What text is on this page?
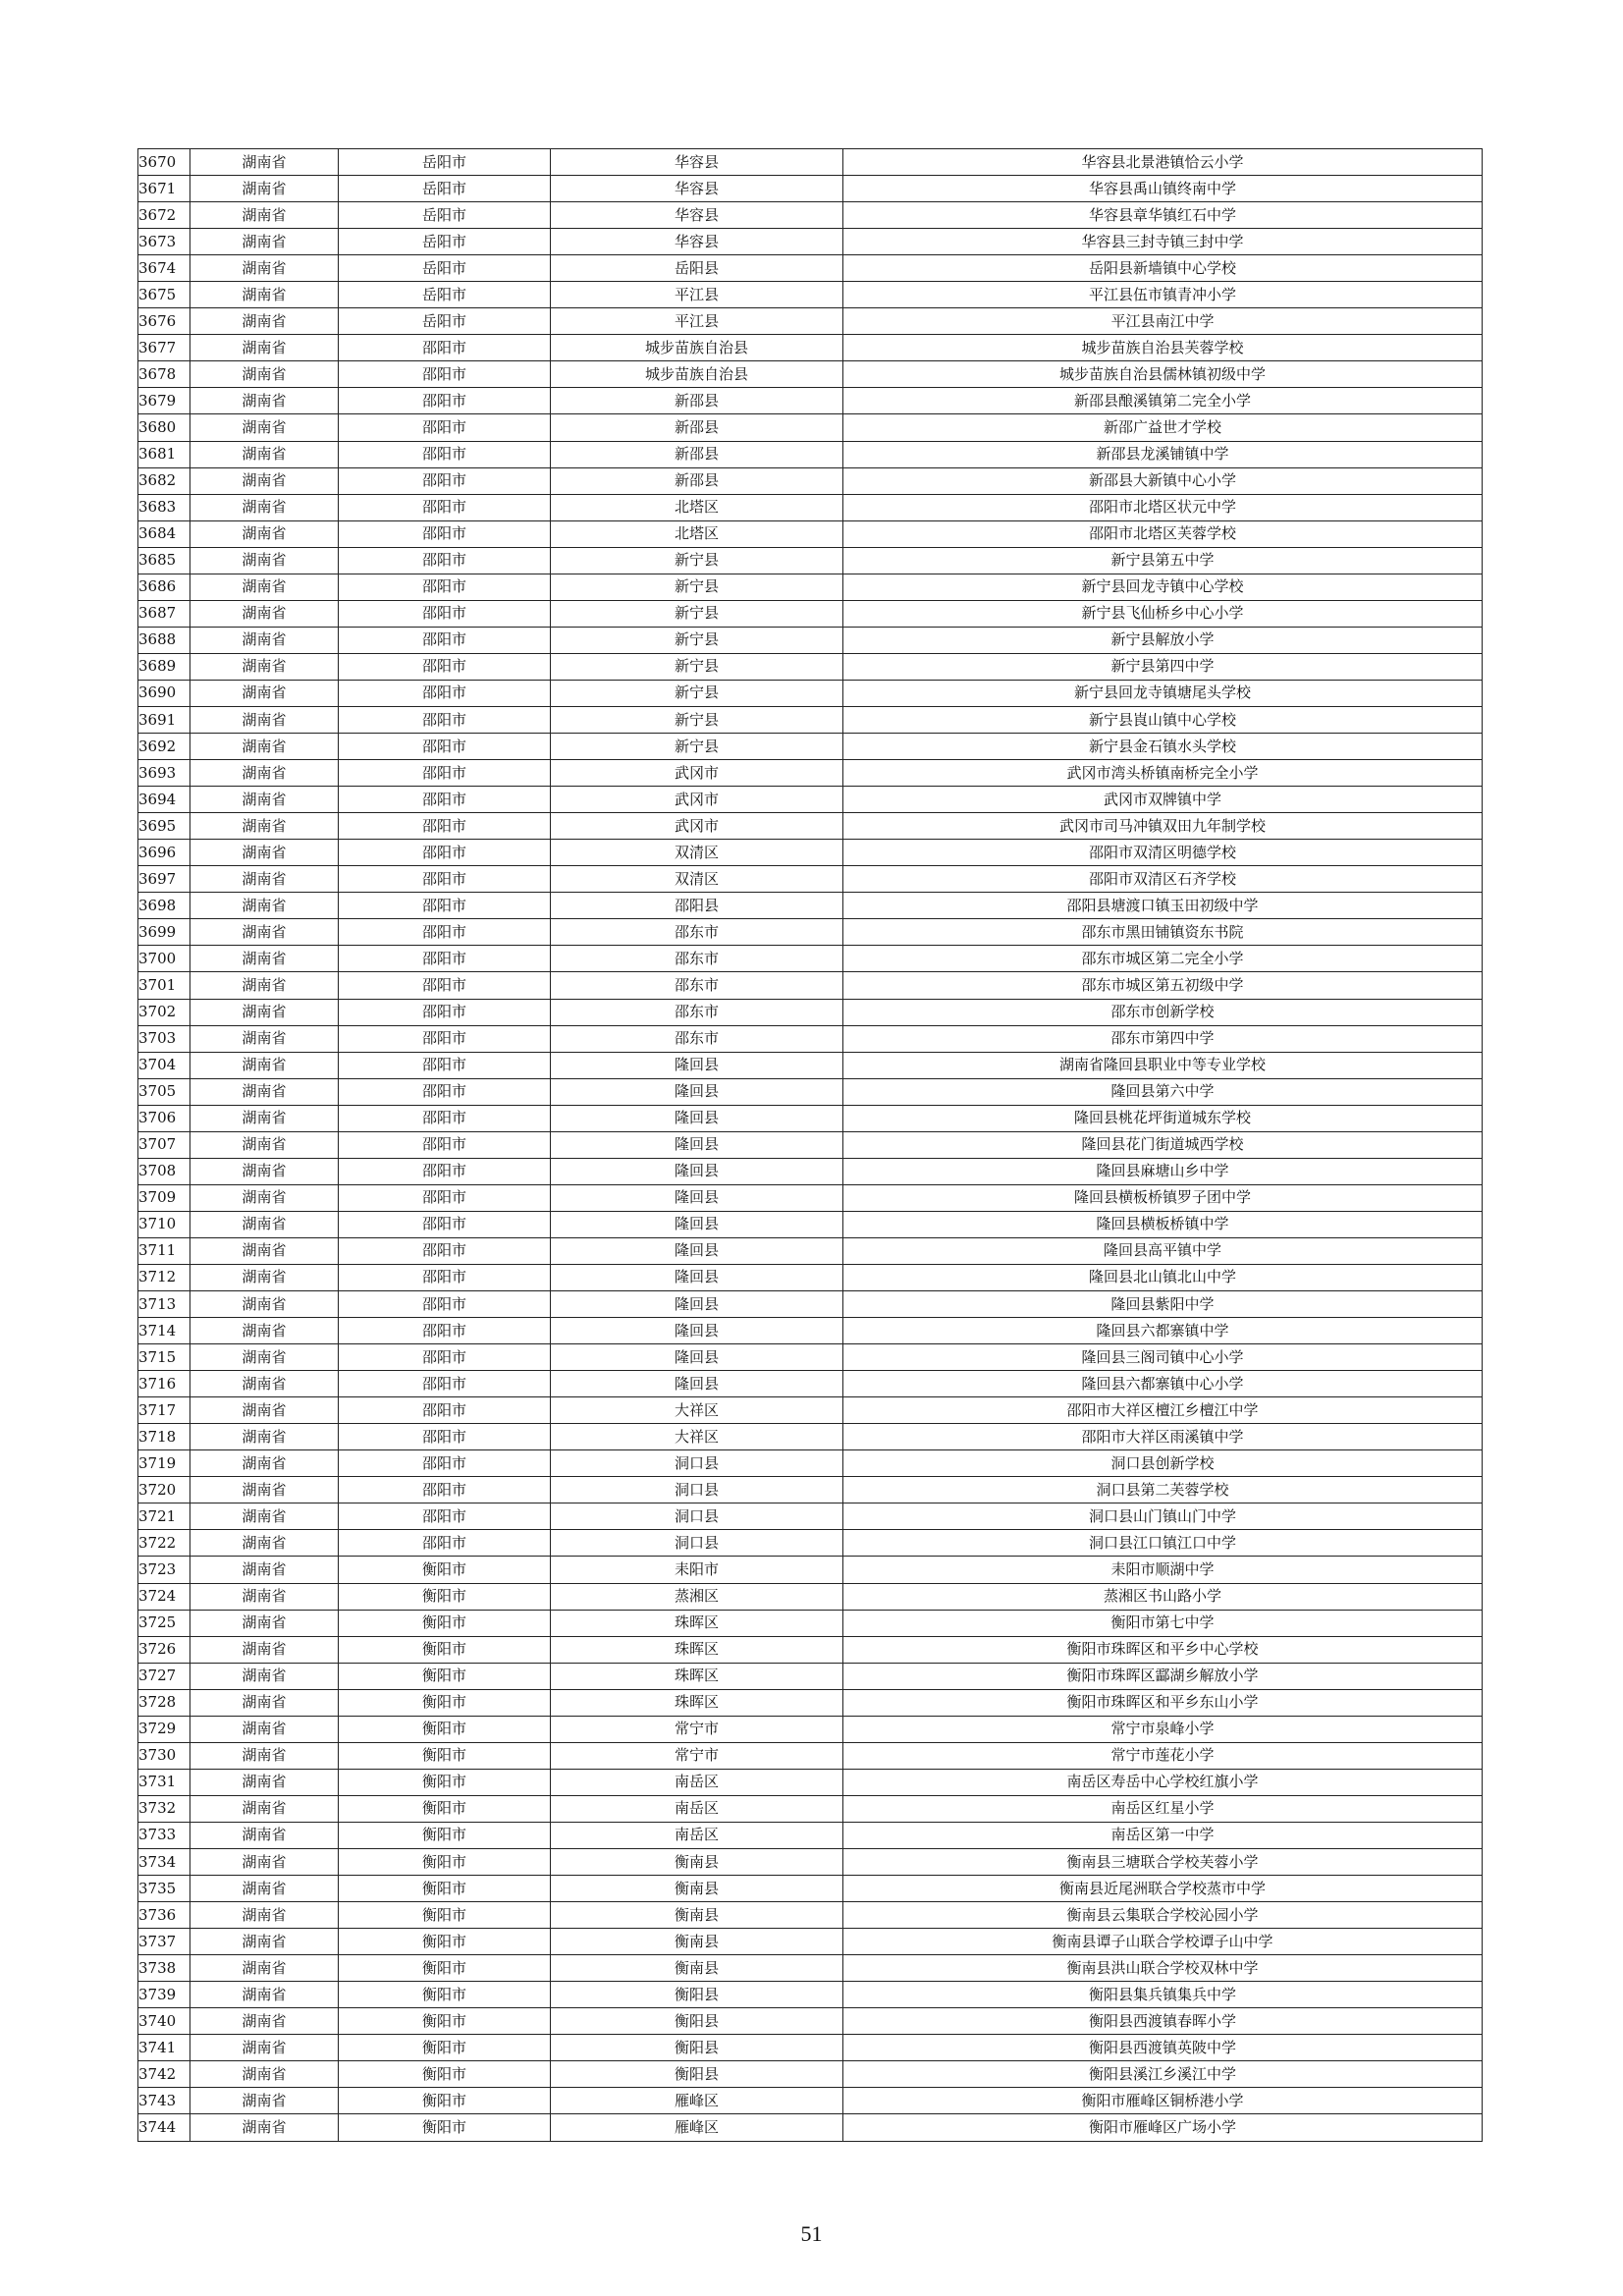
3670	湖南省	岳阳市	华容县	华容县北景港镇恰云小学
3671	湖南省	岳阳市	华容县	华容县禹山镇终南中学
3672	湖南省	岳阳市	华容县	华容县章华镇红石中学
3673	湖南省	岳阳市	华容县	华容县三封寺镇三封中学
3674	湖南省	岳阳市	岳阳县	岳阳县新墙镇中心学校
3675	湖南省	岳阳市	平江县	平江县伍市镇青冲小学
3676	湖南省	岳阳市	平江县	平江县南江中学
3677	湖南省	邵阳市	城步苗族自治县	城步苗族自治县芙蓉学校
3678	湖南省	邵阳市	城步苗族自治县	城步苗族自治县儒林镇初级中学
3679	湖南省	邵阳市	新邵县	新邵县酿溪镇第二完全小学
3680	湖南省	邵阳市	新邵县	新邵广益世才学校
3681	湖南省	邵阳市	新邵县	新邵县龙溪铺镇中学
3682	湖南省	邵阳市	新邵县	新邵县大新镇中心小学
3683	湖南省	邵阳市	北塔区	邵阳市北塔区状元中学
3684	湖南省	邵阳市	北塔区	邵阳市北塔区芙蓉学校
3685	湖南省	邵阳市	新宁县	新宁县第五中学
3686	湖南省	邵阳市	新宁县	新宁县回龙寺镇中心学校
3687	湖南省	邵阳市	新宁县	新宁县飞仙桥乡中心小学
3688	湖南省	邵阳市	新宁县	新宁县解放小学
3689	湖南省	邵阳市	新宁县	新宁县第四中学
3690	湖南省	邵阳市	新宁县	新宁县回龙寺镇塘尾头学校
3691	湖南省	邵阳市	新宁县	新宁县崀山镇中心学校
3692	湖南省	邵阳市	新宁县	新宁县金石镇水头学校
3693	湖南省	邵阳市	武冈市	武冈市湾头桥镇南桥完全小学
3694	湖南省	邵阳市	武冈市	武冈市双牌镇中学
3695	湖南省	邵阳市	武冈市	武冈市司马冲镇双田九年制学校
3696	湖南省	邵阳市	双清区	邵阳市双清区明德学校
3697	湖南省	邵阳市	双清区	邵阳市双清区石齐学校
3698	湖南省	邵阳市	邵阳县	邵阳县塘渡口镇玉田初级中学
3699	湖南省	邵阳市	邵东市	邵东市黑田铺镇资东书院
3700	湖南省	邵阳市	邵东市	邵东市城区第二完全小学
3701	湖南省	邵阳市	邵东市	邵东市城区第五初级中学
3702	湖南省	邵阳市	邵东市	邵东市创新学校
3703	湖南省	邵阳市	邵东市	邵东市第四中学
3704	湖南省	邵阳市	隆回县	湖南省隆回县职业中等专业学校
3705	湖南省	邵阳市	隆回县	隆回县第六中学
3706	湖南省	邵阳市	隆回县	隆回县桃花坪街道城东学校
3707	湖南省	邵阳市	隆回县	隆回县花门街道城西学校
3708	湖南省	邵阳市	隆回县	隆回县麻塘山乡中学
3709	湖南省	邵阳市	隆回县	隆回县横板桥镇罗子团中学
3710	湖南省	邵阳市	隆回县	隆回县横板桥镇中学
3711	湖南省	邵阳市	隆回县	隆回县高平镇中学
3712	湖南省	邵阳市	隆回县	隆回县北山镇北山中学
3713	湖南省	邵阳市	隆回县	隆回县紫阳中学
3714	湖南省	邵阳市	隆回县	隆回县六都寨镇中学
3715	湖南省	邵阳市	隆回县	隆回县三阁司镇中心小学
3716	湖南省	邵阳市	隆回县	隆回县六都寨镇中心小学
3717	湖南省	邵阳市	大祥区	邵阳市大祥区檀江乡檀江中学
3718	湖南省	邵阳市	大祥区	邵阳市大祥区雨溪镇中学
3719	湖南省	邵阳市	洞口县	洞口县创新学校
3720	湖南省	邵阳市	洞口县	洞口县第二芙蓉学校
3721	湖南省	邵阳市	洞口县	洞口县山门镇山门中学
3722	湖南省	邵阳市	洞口县	洞口县江口镇江口中学
3723	湖南省	衡阳市	耒阳市	耒阳市顺湖中学
3724	湖南省	衡阳市	蒸湘区	蒸湘区书山路小学
3725	湖南省	衡阳市	珠晖区	衡阳市第七中学
3726	湖南省	衡阳市	珠晖区	衡阳市珠晖区和平乡中心学校
3727	湖南省	衡阳市	珠晖区	衡阳市珠晖区酃湖乡解放小学
3728	湖南省	衡阳市	珠晖区	衡阳市珠晖区和平乡东山小学
3729	湖南省	衡阳市	常宁市	常宁市泉峰小学
3730	湖南省	衡阳市	常宁市	常宁市莲花小学
3731	湖南省	衡阳市	南岳区	南岳区寿岳中心学校红旗小学
3732	湖南省	衡阳市	南岳区	南岳区红星小学
3733	湖南省	衡阳市	南岳区	南岳区第一中学
3734	湖南省	衡阳市	衡南县	衡南县三塘联合学校芙蓉小学
3735	湖南省	衡阳市	衡南县	衡南县近尾洲联合学校蒸市中学
3736	湖南省	衡阳市	衡南县	衡南县云集联合学校沁园小学
3737	湖南省	衡阳市	衡南县	衡南县谭子山联合学校谭子山中学
3738	湖南省	衡阳市	衡南县	衡南县洪山联合学校双林中学
3739	湖南省	衡阳市	衡阳县	衡阳县集兵镇集兵中学
3740	湖南省	衡阳市	衡阳县	衡阳县西渡镇春晖小学
3741	湖南省	衡阳市	衡阳县	衡阳县西渡镇英陂中学
3742	湖南省	衡阳市	衡阳县	衡阳县溪江乡溪江中学
3743	湖南省	衡阳市	雁峰区	衡阳市雁峰区铜桥港小学
3744	湖南省	衡阳市	雁峰区	衡阳市雁峰区广场小学
51
